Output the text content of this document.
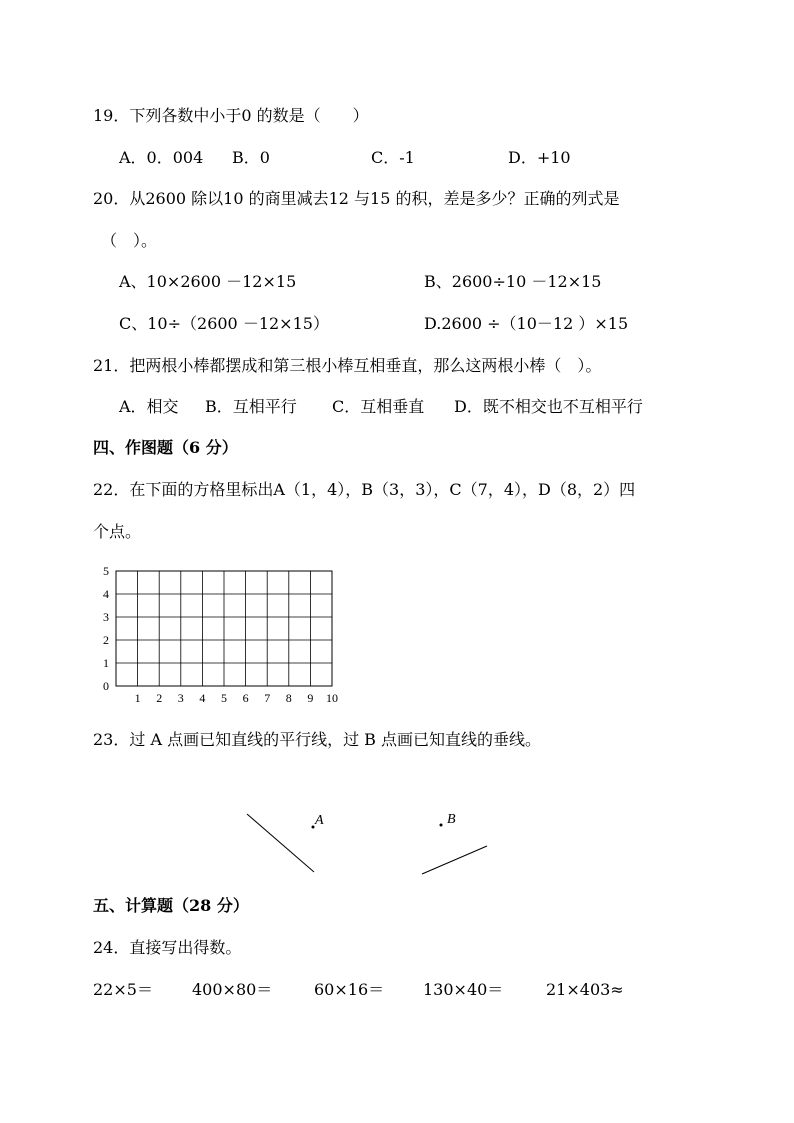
19．下列各数中小于0 的数是（　　）
A．0．004 B．0	C．-1	D．+10
20．从2600 除以10 的商里减去12 与15 的积，差是多少？正确的列式是
（　）。
A、10×2600 －12×15	B、2600÷10 －12×15
C、10÷（2600 －12×15）	D.2600 ÷（10－12 ）×15
21．把两根小棒都摆成和第三根小棒互相垂直，那么这两根小棒（　）。
A．相交 B．互相平行 C．互相垂直 D．既不相交也不互相平行
四、作图题（6 分）
22．在下面的方格里标出A（1，4），B（3，3），C（7，4），D（8，2）四
个点。
5
4
3
2
1
0
1 2 3 4 5 6 7 8 9 10
23．过 A 点画已知直线的平行线，过 B 点画已知直线的垂线。
A	B
五、计算题（28 分）
24．直接写出得数。
22×5＝ 400×80＝	60×16＝ 130×40＝	21×403≈
